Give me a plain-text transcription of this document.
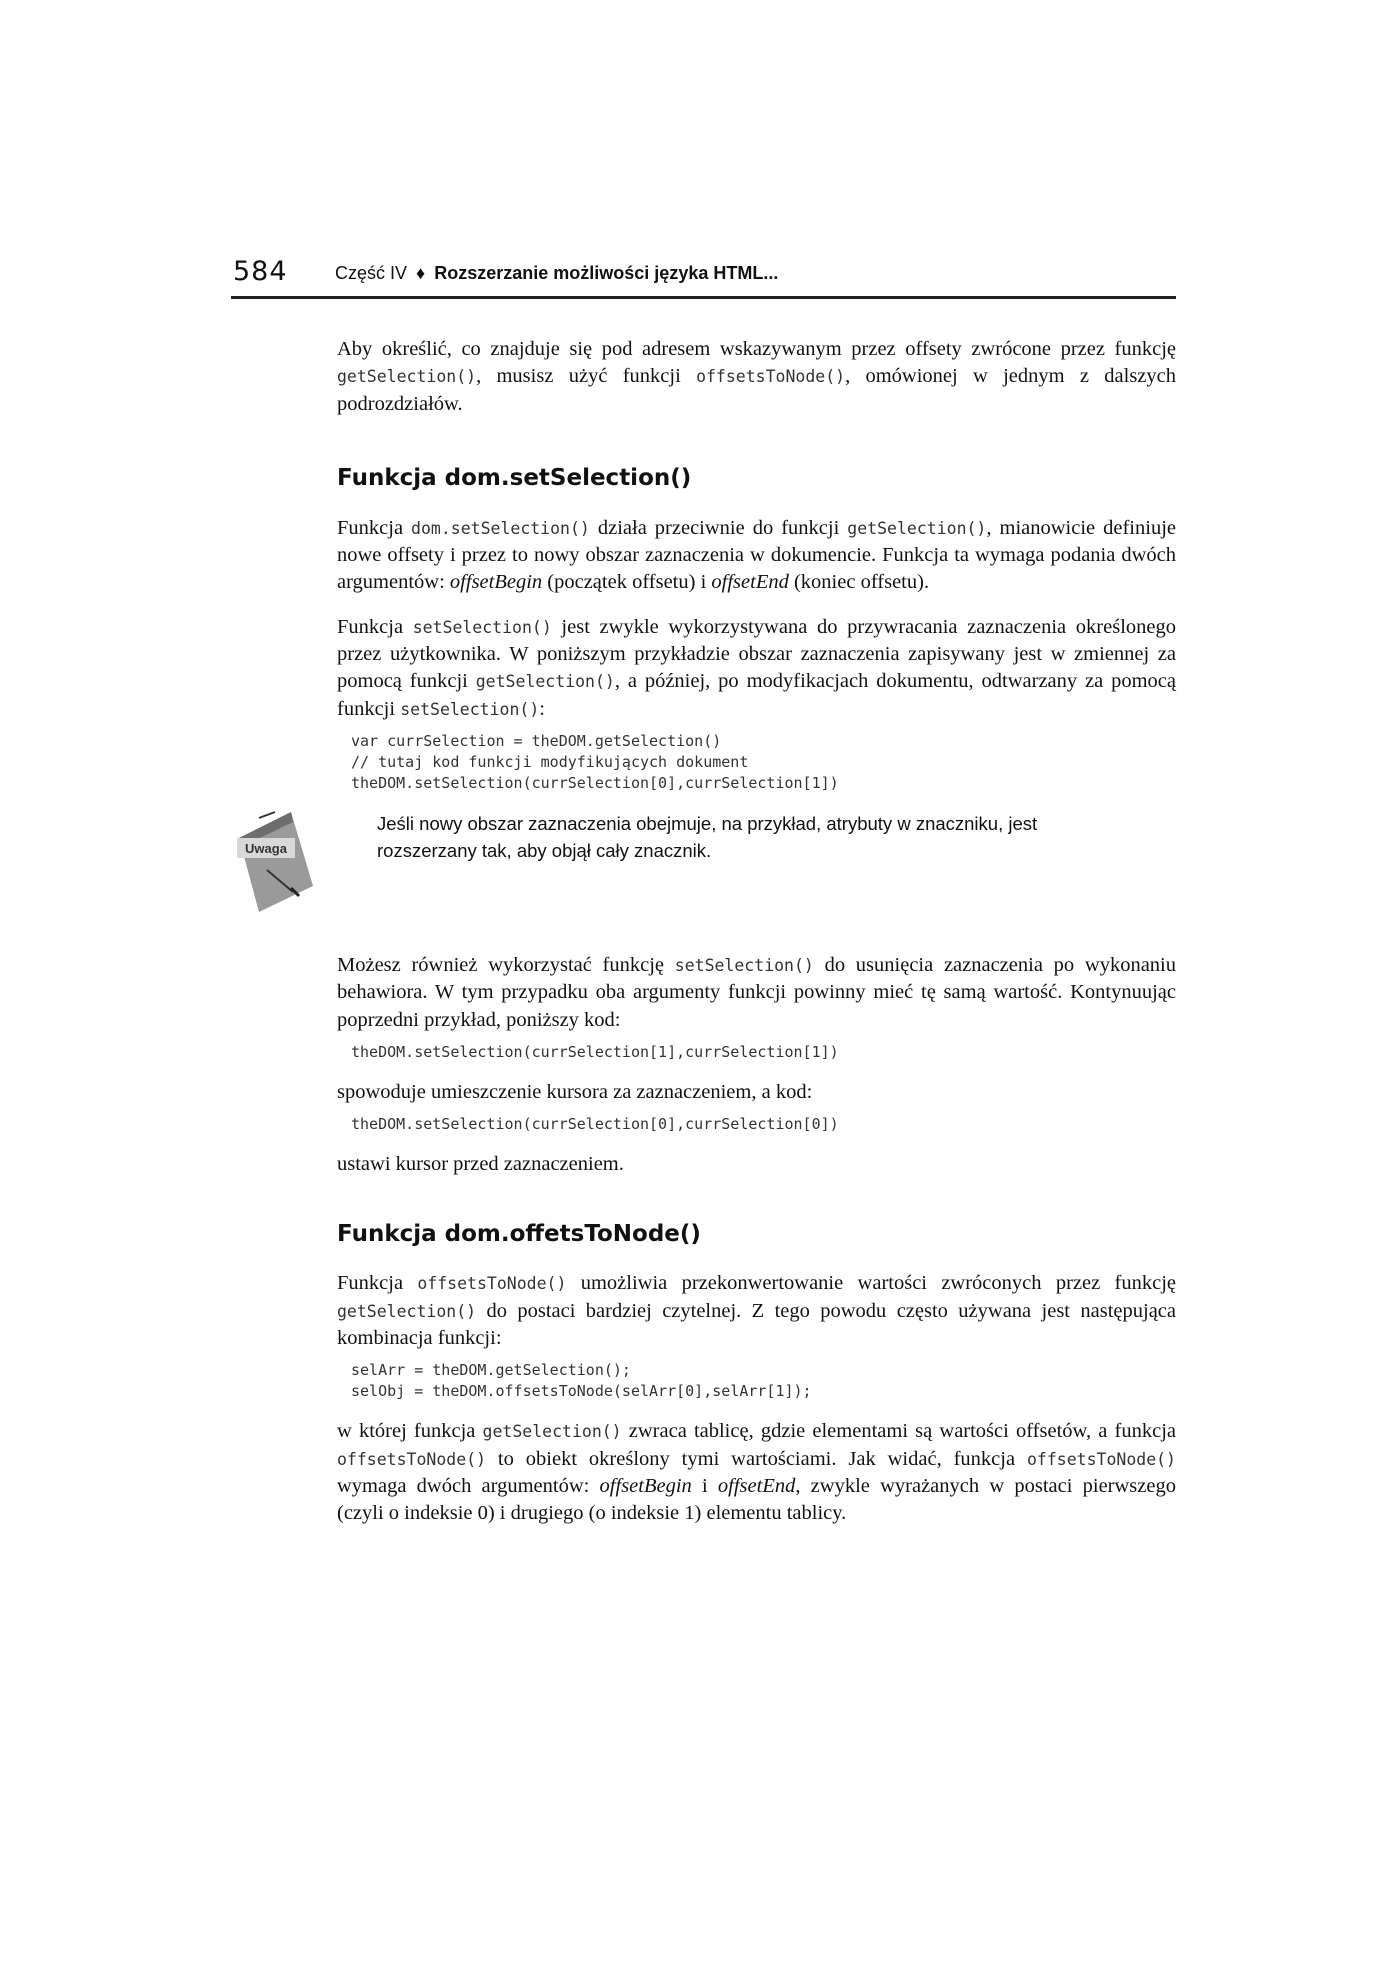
584	Część IV ♦ Rozszerzanie możliwości języka HTML...

Aby określić, co znajduje się pod adresem wskazywanym przez offsety zwrócone przez funkcję getSelection(), musisz użyć funkcji offsetsToNode(), omówionej w jednym z dalszych podrozdziałów.

Funkcja dom.setSelection()

Funkcja dom.setSelection() działa przeciwnie do funkcji getSelection(), mianowicie definiuje nowe offsety i przez to nowy obszar zaznaczenia w dokumencie. Funkcja ta wymaga podania dwóch argumentów: offsetBegin (początek offsetu) i offsetEnd (koniec offsetu).

Funkcja setSelection() jest zwykle wykorzystywana do przywracania zaznaczenia określonego przez użytkownika. W poniższym przykładzie obszar zaznaczenia zapisywany jest w zmiennej za pomocą funkcji getSelection(), a później, po modyfikacjach dokumentu, odtwarzany za pomocą funkcji setSelection():

var currSelection = theDOM.getSelection()
// tutaj kod funkcji modyfikujących dokument
theDOM.setSelection(currSelection[0],currSelection[1])
Uwaga
Jeśli nowy obszar zaznaczenia obejmuje, na przykład, atrybuty w znaczniku, jest rozszerzany tak, aby objął cały znacznik.

Możesz również wykorzystać funkcję setSelection() do usunięcia zaznaczenia po wykonaniu behawiora. W tym przypadku oba argumenty funkcji powinny mieć tę samą wartość. Kontynuując poprzedni przykład, poniższy kod:

theDOM.setSelection(currSelection[1],currSelection[1])

spowoduje umieszczenie kursora za zaznaczeniem, a kod:

theDOM.setSelection(currSelection[0],currSelection[0])

ustawi kursor przed zaznaczeniem.

Funkcja dom.offetsToNode()

Funkcja offsetsToNode() umożliwia przekonwertowanie wartości zwróconych przez funkcję getSelection() do postaci bardziej czytelnej. Z tego powodu często używana jest następująca kombinacja funkcji:

selArr = theDOM.getSelection();
selObj = theDOM.offsetsToNode(selArr[0],selArr[1]);

w której funkcja getSelection() zwraca tablicę, gdzie elementami są wartości offsetów, a funkcja offsetsToNode() to obiekt określony tymi wartościami. Jak widać, funkcja offsetsToNode() wymaga dwóch argumentów: offsetBegin i offsetEnd, zwykle wyrażanych w postaci pierwszego (czyli o indeksie 0) i drugiego (o indeksie 1) elementu tablicy.
